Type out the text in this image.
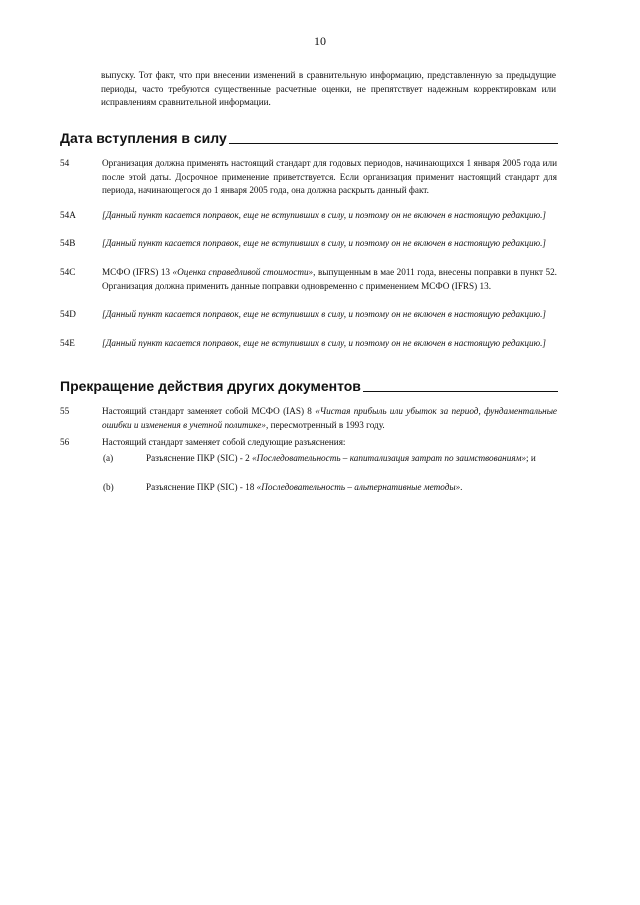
10
выпуску. Тот факт, что при внесении изменений в сравнительную информацию, представленную за предыдущие периоды, часто требуются существенные расчетные оценки, не препятствует надежным корректировкам или исправлениям сравнительной информации.
Дата вступления в силу
54	Организация должна применять настоящий стандарт для годовых периодов, начинающихся 1 января 2005 года или после этой даты. Досрочное применение приветствуется. Если организация применит настоящий стандарт для периода, начинающегося до 1 января 2005 года, она должна раскрыть данный факт.
54A	[Данный пункт касается поправок, еще не вступивших в силу, и поэтому он не включен в настоящую редакцию.]
54B	[Данный пункт касается поправок, еще не вступивших в силу, и поэтому он не включен в настоящую редакцию.]
54C	МСФО (IFRS) 13 «Оценка справедливой стоимости», выпущенным в мае 2011 года, внесены поправки в пункт 52. Организация должна применить данные поправки одновременно с применением МСФО (IFRS) 13.
54D	[Данный пункт касается поправок, еще не вступивших в силу, и поэтому он не включен в настоящую редакцию.]
54E	[Данный пункт касается поправок, еще не вступивших в силу, и поэтому он не включен в настоящую редакцию.]
Прекращение действия других документов
55	Настоящий стандарт заменяет собой МСФО (IAS) 8 «Чистая прибыль или убыток за период, фундаментальные ошибки и изменения в учетной политике», пересмотренный в 1993 году.
56	Настоящий стандарт заменяет собой следующие разъяснения:
(a)	Разъяснение ПКР (SIC) - 2 «Последовательность – капитализация затрат по заимствованиям»; и
(b)	Разъяснение ПКР (SIC) - 18 «Последовательность – альтернативные методы».
